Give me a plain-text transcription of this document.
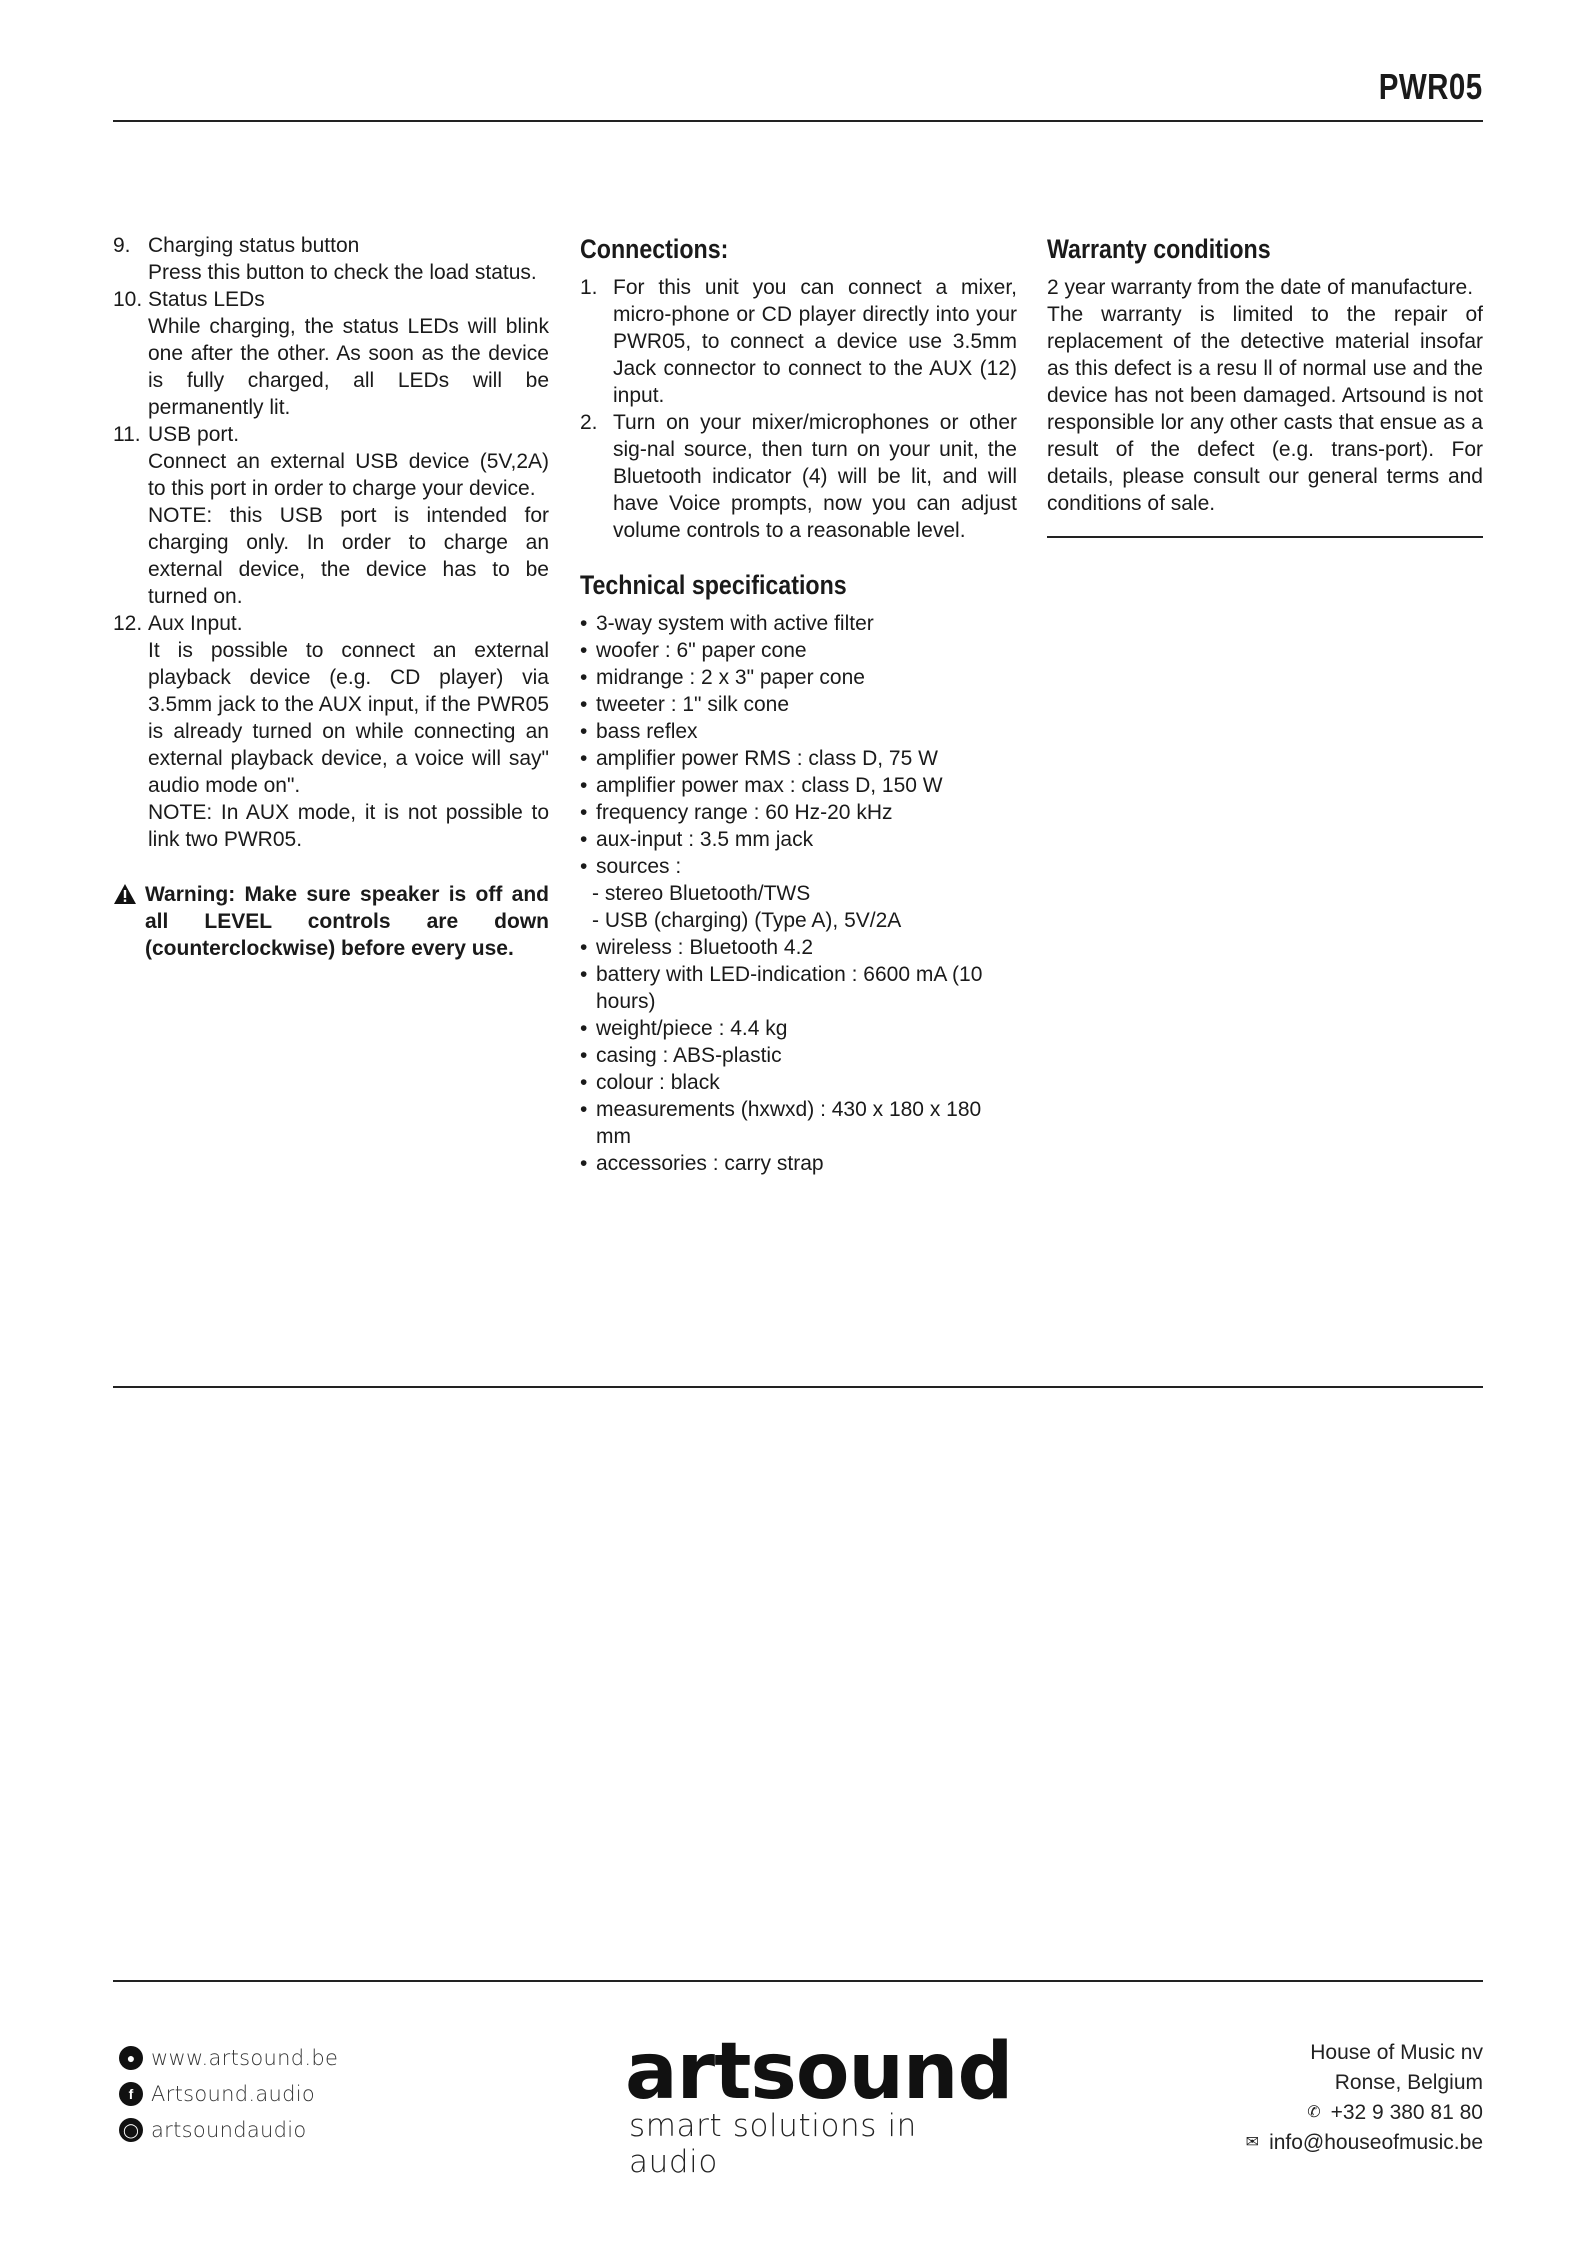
PWR05
9. Charging status button
Press this button to check the load status.
10. Status LEDs
While charging, the status LEDs will blink one after the other. As soon as the device is fully charged, all LEDs will be permanently lit.
11. USB port.
Connect an external USB device (5V,2A) to this port in order to charge your device.
NOTE: this USB port is intended for charging only. In order to charge an external device, the device has to be turned on.
12. Aux Input.
It is possible to connect an external playback device (e.g. CD player) via 3.5mm jack to the AUX input, if the PWR05 is already turned on while connecting an external playback device, a voice will say" audio mode on".
NOTE: In AUX mode, it is not possible to link two PWR05.
Warning: Make sure speaker is off and all LEVEL controls are down (counterclockwise) before every use.
Connections:
1. For this unit you can connect a mixer, micro-phone or CD player directly into your PWR05, to connect a device use 3.5mm Jack connector to connect to the AUX (12) input.
2. Turn on your mixer/microphones or other sig-nal source, then turn on your unit, the Bluetooth indicator (4) will be lit, and will have Voice prompts, now you can adjust volume controls to a reasonable level.
Technical specifications
• 3-way system with active filter
• woofer : 6" paper cone
• midrange : 2 x 3" paper cone
• tweeter : 1" silk cone
• bass reflex
• amplifier power RMS : class D, 75 W
• amplifier power max : class D, 150 W
• frequency range : 60 Hz-20 kHz
• aux-input : 3.5 mm jack
• sources :
- stereo Bluetooth/TWS
- USB (charging) (Type A), 5V/2A
• wireless : Bluetooth 4.2
• battery with LED-indication : 6600 mA (10 hours)
• weight/piece : 4.4 kg
• casing : ABS-plastic
• colour : black
• measurements (hxwxd) : 430 x 180 x 180 mm
• accessories : carry strap
Warranty conditions

2 year warranty from the date of manufacture.

The warranty is limited to the repair of replacement of the detective material insofar as this defect is a resu ll of normal use and the device has not been damaged. Artsound is not responsible lor any other casts that ensue as a result of the defect (e.g. trans-port). For details, please consult our general terms and conditions of sale.

● www.artsound.be
f Artsound.audio
◯ artsoundaudio
artsound
smart solutions in audio
House of Music nv
Ronse, Belgium
✆ +32 9 380 81 80
✉ info@houseofmusic.be
